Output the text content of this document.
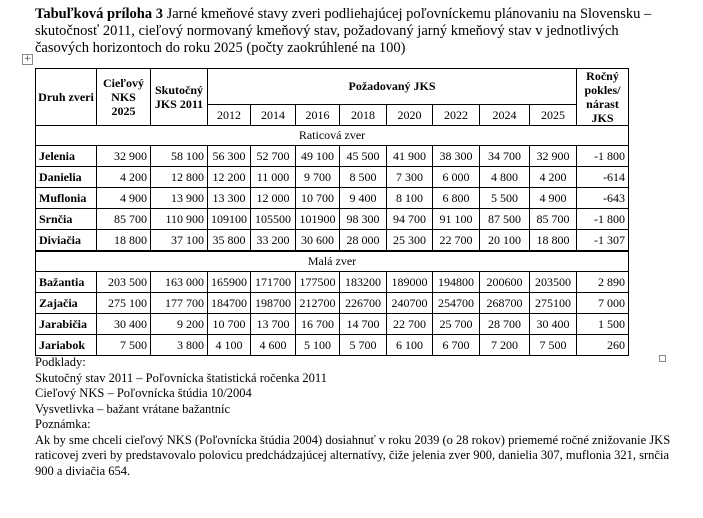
Tabuľková príloha 3 Jarné kmeňové stavy zveri podliehajúcej poľovníckemu plánovaniu na Slovensku – skutočnosť 2011, cieľový normovaný kmeňový stav, požadovaný jarný kmeňový stav v jednotlivých časových horizontoch do roku 2025 (počty zaokrúhlené na 100)
+
Druh zveri	Cieľový NKS 2025	Skutočný JKS 2011	Požadovaný JKS								Ročný pokles/ nárast JKS
			2012	2014	2016	2018	2020	2022	2024	2025	
Raticová zver											
Jelenia	32 900	58 100	56 300	52 700	49 100	45 500	41 900	38 300	34 700	32 900	-1 800
Danielia	4 200	12 800	12 200	11 000	9 700	8 500	7 300	6 000	4 800	4 200	-614
Muflonia	4 900	13 900	13 300	12 000	10 700	9 400	8 100	6 800	5 500	4 900	-643
Srnčia	85 700	110 900	109100	105500	101900	98 300	94 700	91 100	87 500	85 700	-1 800
Diviačia	18 800	37 100	35 800	33 200	30 600	28 000	25 300	22 700	20 100	18 800	-1 307
Malá zver											
Bažantia	203 500	163 000	165900	171700	177500	183200	189000	194800	200600	203500	2 890
Zajačia	275 100	177 700	184700	198700	212700	226700	240700	254700	268700	275100	7 000
Jarabičia	30 400	9 200	10 700	13 700	16 700	14 700	22 700	25 700	28 700	30 400	1 500
Jariabok	7 500	3 800	4 100	4 600	5 100	5 700	6 100	6 700	7 200	7 500	260
Podklady:
Skutočný stav 2011 – Poľovnícka štatistická ročenka 2011
Cieľový NKS – Poľovnícka štúdia 10/2004
Vysvetlivka – bažant vrátane bažantníc
Poznámka:
Ak by sme chceli cieľový NKS (Poľovnícka štúdia 2004) dosiahnuť v roku 2039 (o 28 rokov) priememé ročné znižovanie JKS raticovej zveri by predstavovalo polovicu predchádzajúcej alternatívy, čiže jelenia zver 900, danielia 307, muflonia 321, srnčia 900 a diviačia 654.
